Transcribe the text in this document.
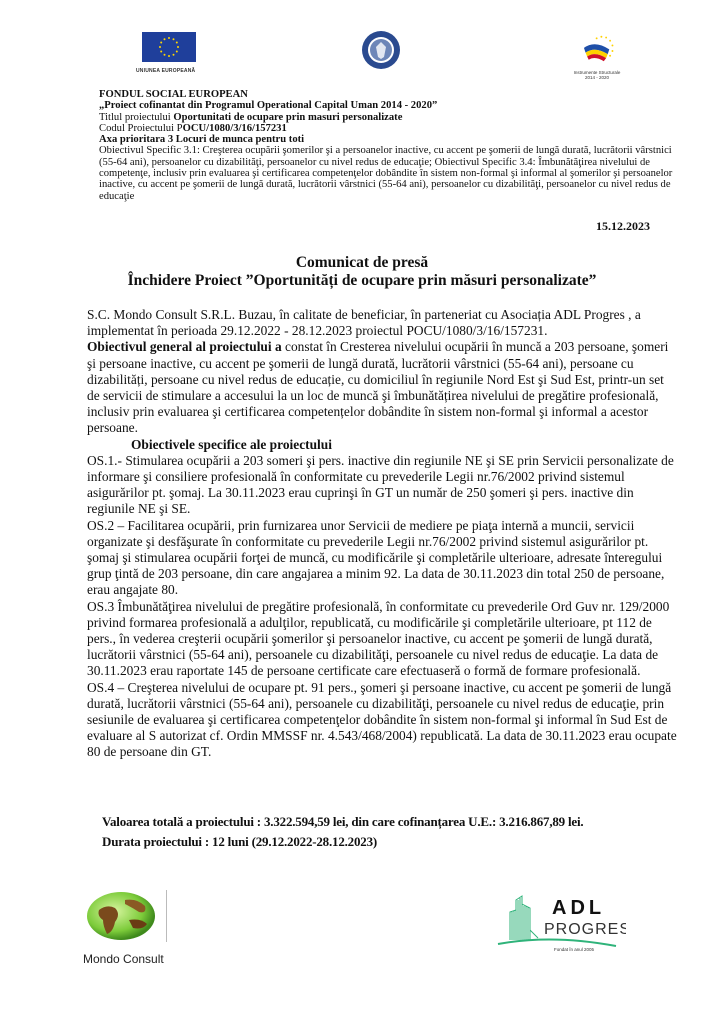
UNIUNEA EUROPEANĂ	Instrumente Structurale
2014 - 2020
FONDUL SOCIAL EUROPEAN
„Proiect cofinantat din Programul Operational Capital Uman 2014 - 2020”
Titlul proiectului Oportunitati de ocupare prin masuri personalizate
Codul Proiectului POCU/1080/3/16/157231
Axa prioritara 3 Locuri de munca pentru toti
Obiectivul Specific 3.1: Creşterea ocupării şomerilor şi a persoanelor inactive, cu accent pe şomerii de lungă durată, lucrătorii vârstnici (55-64 ani), persoanelor cu dizabilităţi, persoanelor cu nivel redus de educaţie; Obiectivul Specific 3.4: Îmbunătăţirea nivelului de competenţe, inclusiv prin evaluarea şi certificarea competenţelor dobândite în sistem non-formal şi informal al şomerilor şi persoanelor inactive, cu accent pe şomerii de lungă durată, lucrătorii vârstnici (55-64 ani), persoanelor cu dizabilităţi, persoanelor cu nivel redus de educaţie
15.12.2023
Comunicat de presă
Închidere Proiect ”Oportunități de ocupare prin măsuri personalizate”

S.C. Mondo Consult S.R.L. Buzau, în calitate de beneficiar, în parteneriat cu Asociația ADL Progres , a implementat în perioada 29.12.2022 - 28.12.2023 proiectul POCU/1080/3/16/157231.

Obiectivul general al proiectului a constat în Cresterea nivelului ocupării în muncă a 203 persoane, şomeri şi persoane inactive, cu accent pe şomerii de lungă durată, lucrătorii vârstnici (55-64 ani), persoane cu dizabilități, persoane cu nivel redus de educație, cu domiciliul în regiunile Nord Est şi Sud Est, printr-un set de servicii de stimulare a accesului la un loc de muncă şi îmbunătățirea nivelului de pregătire profesională, inclusiv prin evaluarea şi certificarea competențelor dobândite în sistem non-formal şi informal a acestor persoane.

Obiectivele specifice ale proiectului

OS.1.- Stimularea ocupării a 203 someri şi pers. inactive din regiunile NE şi SE prin Servicii personalizate de informare şi consiliere profesională în conformitate cu prevederile Legii nr.76/2002 privind sistemul asigurărilor pt. şomaj. La 30.11.2023 erau cuprinşi în GT un număr de 250 şomeri şi pers. inactive din regiunile NE şi SE.

OS.2 – Facilitarea ocupării, prin furnizarea unor Servicii de mediere pe piaţa internă a muncii, servicii organizate şi desfăşurate în conformitate cu prevederile Legii nr.76/2002 privind sistemul asigurărilor pt. şomaj şi stimularea ocupării forţei de muncă, cu modificările şi completările ulterioare, adresate înteregului grup ţintă de 203 persoane, din care angajarea a minim 92. La data de 30.11.2023 din total 250 de persoane, erau angajate 80.

OS.3 Îmbunătăţirea nivelului de pregătire profesională, în conformitate cu prevederile Ord Guv nr. 129/2000 privind formarea profesională a adulţilor, republicată, cu modificările şi completările ulterioare, pt 112 de pers., în vederea creşterii ocupării şomerilor şi persoanelor inactive, cu accent pe şomerii de lungă durată, lucrătorii vârstnici (55-64 ani), persoanele cu dizabilităţi, persoanele cu nivel redus de educaţie. La data de 30.11.2023 erau raportate 145 de persoane certificate care efectuaseră o formă de formare profesională.

OS.4 – Creşterea nivelului de ocupare pt. 91 pers., şomeri şi persoane inactive, cu accent pe şomerii de lungă durată, lucrătorii vârstnici (55-64 ani), persoanele cu dizabilităţi, persoanele cu nivel redus de educaţie, prin sesiunile de evaluarea şi certificarea competenţelor dobândite în sistem non-formal şi informal în Sud Est de evaluare al S autorizat cf. Ordin MMSSF nr. 4.543/468/2004) republicată. La data de 30.11.2023 erau ocupate 80 de persoane din GT.

Valoarea totală a proiectului : 3.322.594,59 lei, din care cofinanțarea U.E.: 3.216.867,89 lei.
Durata proiectului : 12 luni (29.12.2022-28.12.2023)
Mondo Consult
ADL
PROGRES
Fondat în anul 2005
